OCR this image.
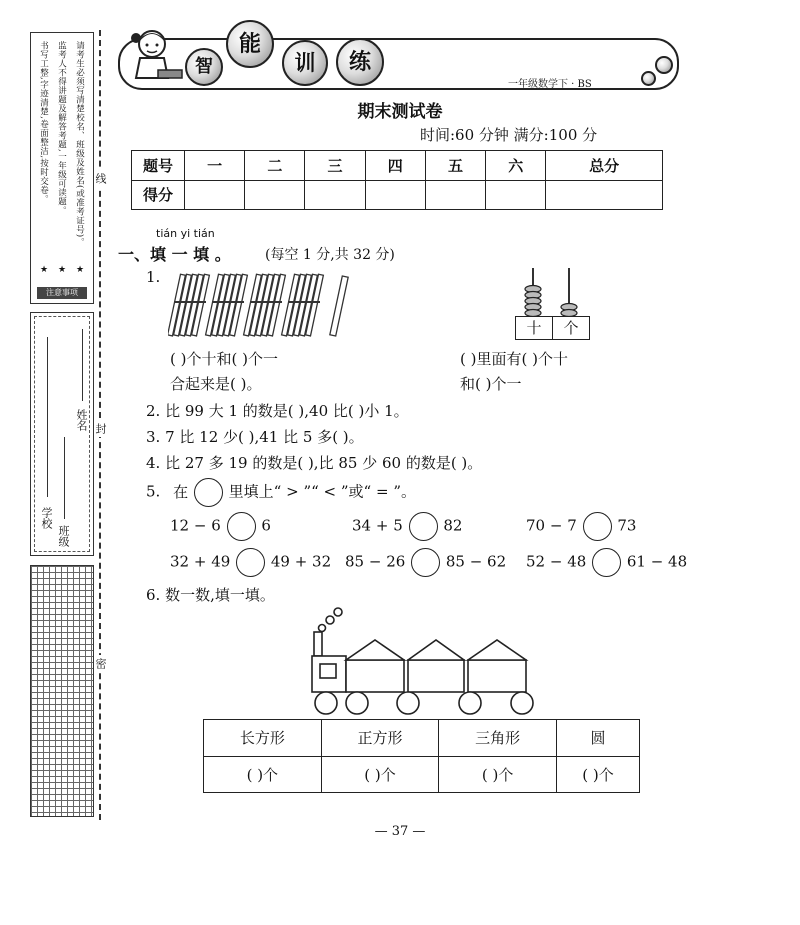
线
封
密
请考生必须写清楚校名、班级及姓名(或准考证号)。
监考人不得讲题及解答考题,一年级可读题。
书写工整,字迹清楚,卷面整洁,按时交卷。
★
★
★
注意事项
学校
班级
姓名
智
能
训	练
一年级数学下 · BS
期末测试卷
时间:60 分钟 满分:100 分
题号	一	二	三	四	五	六	总分
得分							
tián yi tián
一、填 一 填 。 (每空 1 分,共 32 分)
1.
十	个
( )个十和( )个一
合起来是( )。
( )里面有( )个十
和( )个一
2. 比 99 大 1 的数是( ),40 比( )小 1。
3. 7 比 12 少( ),41 比 5 多( )。
4. 比 27 多 19 的数是( ),比 85 少 60 的数是( )。
5. 在	里填上“ > ”“ < ”或“ = ”。
12 − 6	6	34 + 5	82	70 − 7	73
32 + 49	49 + 32 85 − 26	85 − 62 52 − 48	61 − 48
6. 数一数,填一填。
长方形	正方形	三角形	圆
( )个	( )个	( )个	( )个
— 37 —
